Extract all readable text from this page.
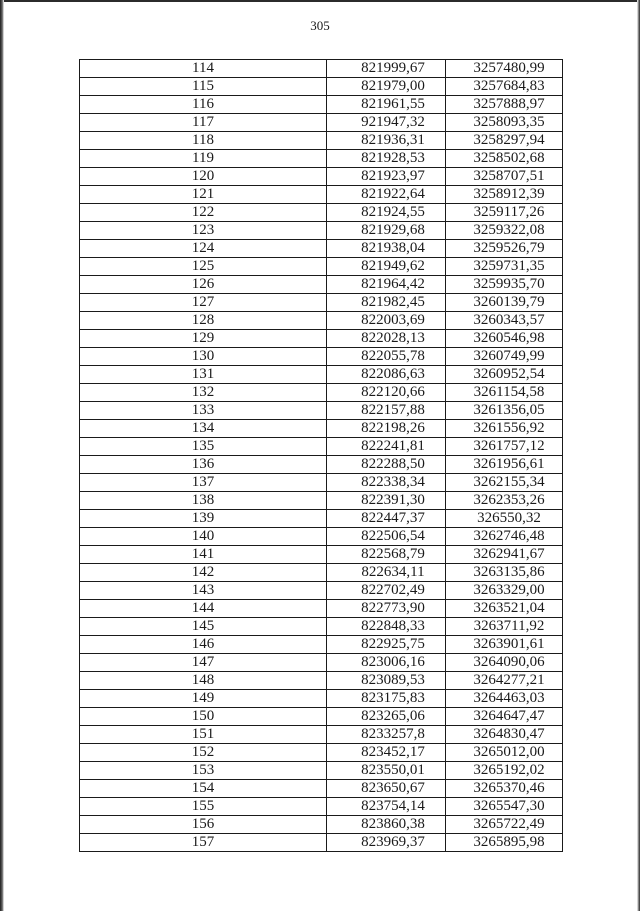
305
114	821999,67	3257480,99
115	821979,00	3257684,83
116	821961,55	3257888,97
117	921947,32	3258093,35
118	821936,31	3258297,94
119	821928,53	3258502,68
120	821923,97	3258707,51
121	821922,64	3258912,39
122	821924,55	3259117,26
123	821929,68	3259322,08
124	821938,04	3259526,79
125	821949,62	3259731,35
126	821964,42	3259935,70
127	821982,45	3260139,79
128	822003,69	3260343,57
129	822028,13	3260546,98
130	822055,78	3260749,99
131	822086,63	3260952,54
132	822120,66	3261154,58
133	822157,88	3261356,05
134	822198,26	3261556,92
135	822241,81	3261757,12
136	822288,50	3261956,61
137	822338,34	3262155,34
138	822391,30	3262353,26
139	822447,37	326550,32
140	822506,54	3262746,48
141	822568,79	3262941,67
142	822634,11	3263135,86
143	822702,49	3263329,00
144	822773,90	3263521,04
145	822848,33	3263711,92
146	822925,75	3263901,61
147	823006,16	3264090,06
148	823089,53	3264277,21
149	823175,83	3264463,03
150	823265,06	3264647,47
151	8233257,8	3264830,47
152	823452,17	3265012,00
153	823550,01	3265192,02
154	823650,67	3265370,46
155	823754,14	3265547,30
156	823860,38	3265722,49
157	823969,37	3265895,98
